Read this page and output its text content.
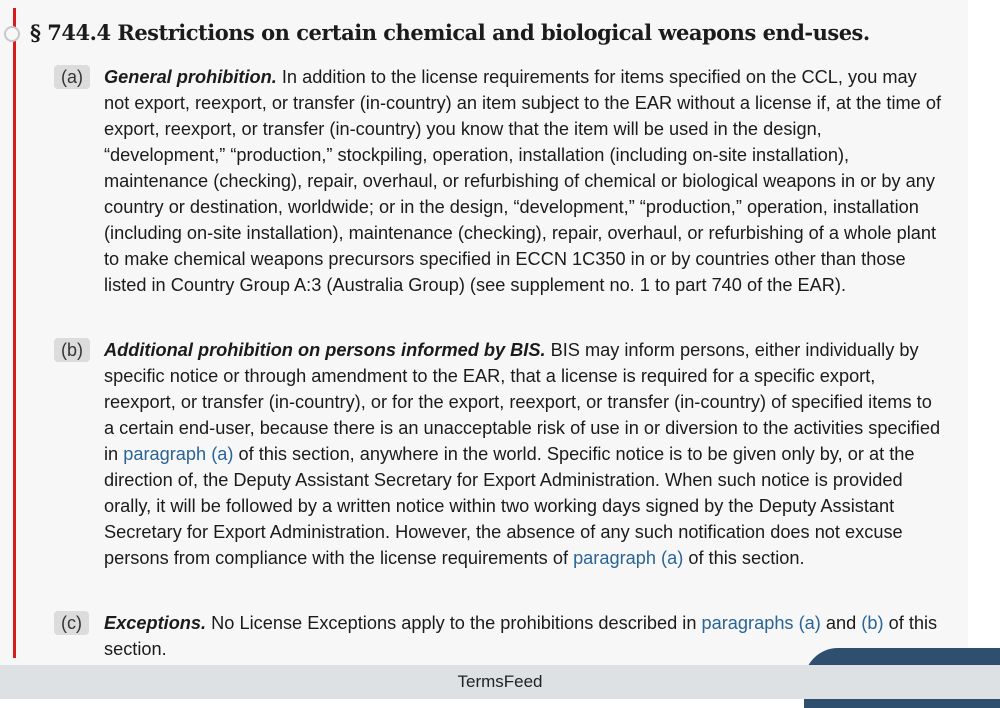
§ 744.4 Restrictions on certain chemical and biological weapons end-uses.

(a)	General prohibition. In addition to the license requirements for items specified on the CCL, you may not export, reexport, or transfer (in-country) an item subject to the EAR without a license if, at the time of export, reexport, or transfer (in-country) you know that the item will be used in the design, “development,” “production,” stockpiling, operation, installation (including on-site installation), maintenance (checking), repair, overhaul, or refurbishing of chemical or biological weapons in or by any country or destination, worldwide; or in the design, “development,” “production,” operation, installation (including on-site installation), maintenance (checking), repair, overhaul, or refurbishing of a whole plant to make chemical weapons precursors specified in ECCN 1C350 in or by countries other than those listed in Country Group A:3 (Australia Group) (see supplement no. 1 to part 740 of the EAR).

(b)	Additional prohibition on persons informed by BIS. BIS may inform persons, either individually by specific notice or through amendment to the EAR, that a license is required for a specific export, reexport, or transfer (in-country), or for the export, reexport, or transfer (in-country) of specified items to a certain end-user, because there is an unacceptable risk of use in or diversion to the activities specified in paragraph (a) of this section, anywhere in the world. Specific notice is to be given only by, or at the direction of, the Deputy Assistant Secretary for Export Administration. When such notice is provided orally, it will be followed by a written notice within two working days signed by the Deputy Assistant Secretary for Export Administration. However, the absence of any such notification does not excuse persons from compliance with the license requirements of paragraph (a) of this section.

(c)	Exceptions. No License Exceptions apply to the prohibitions described in paragraphs (a) and (b) of this section.

TermsFeed
